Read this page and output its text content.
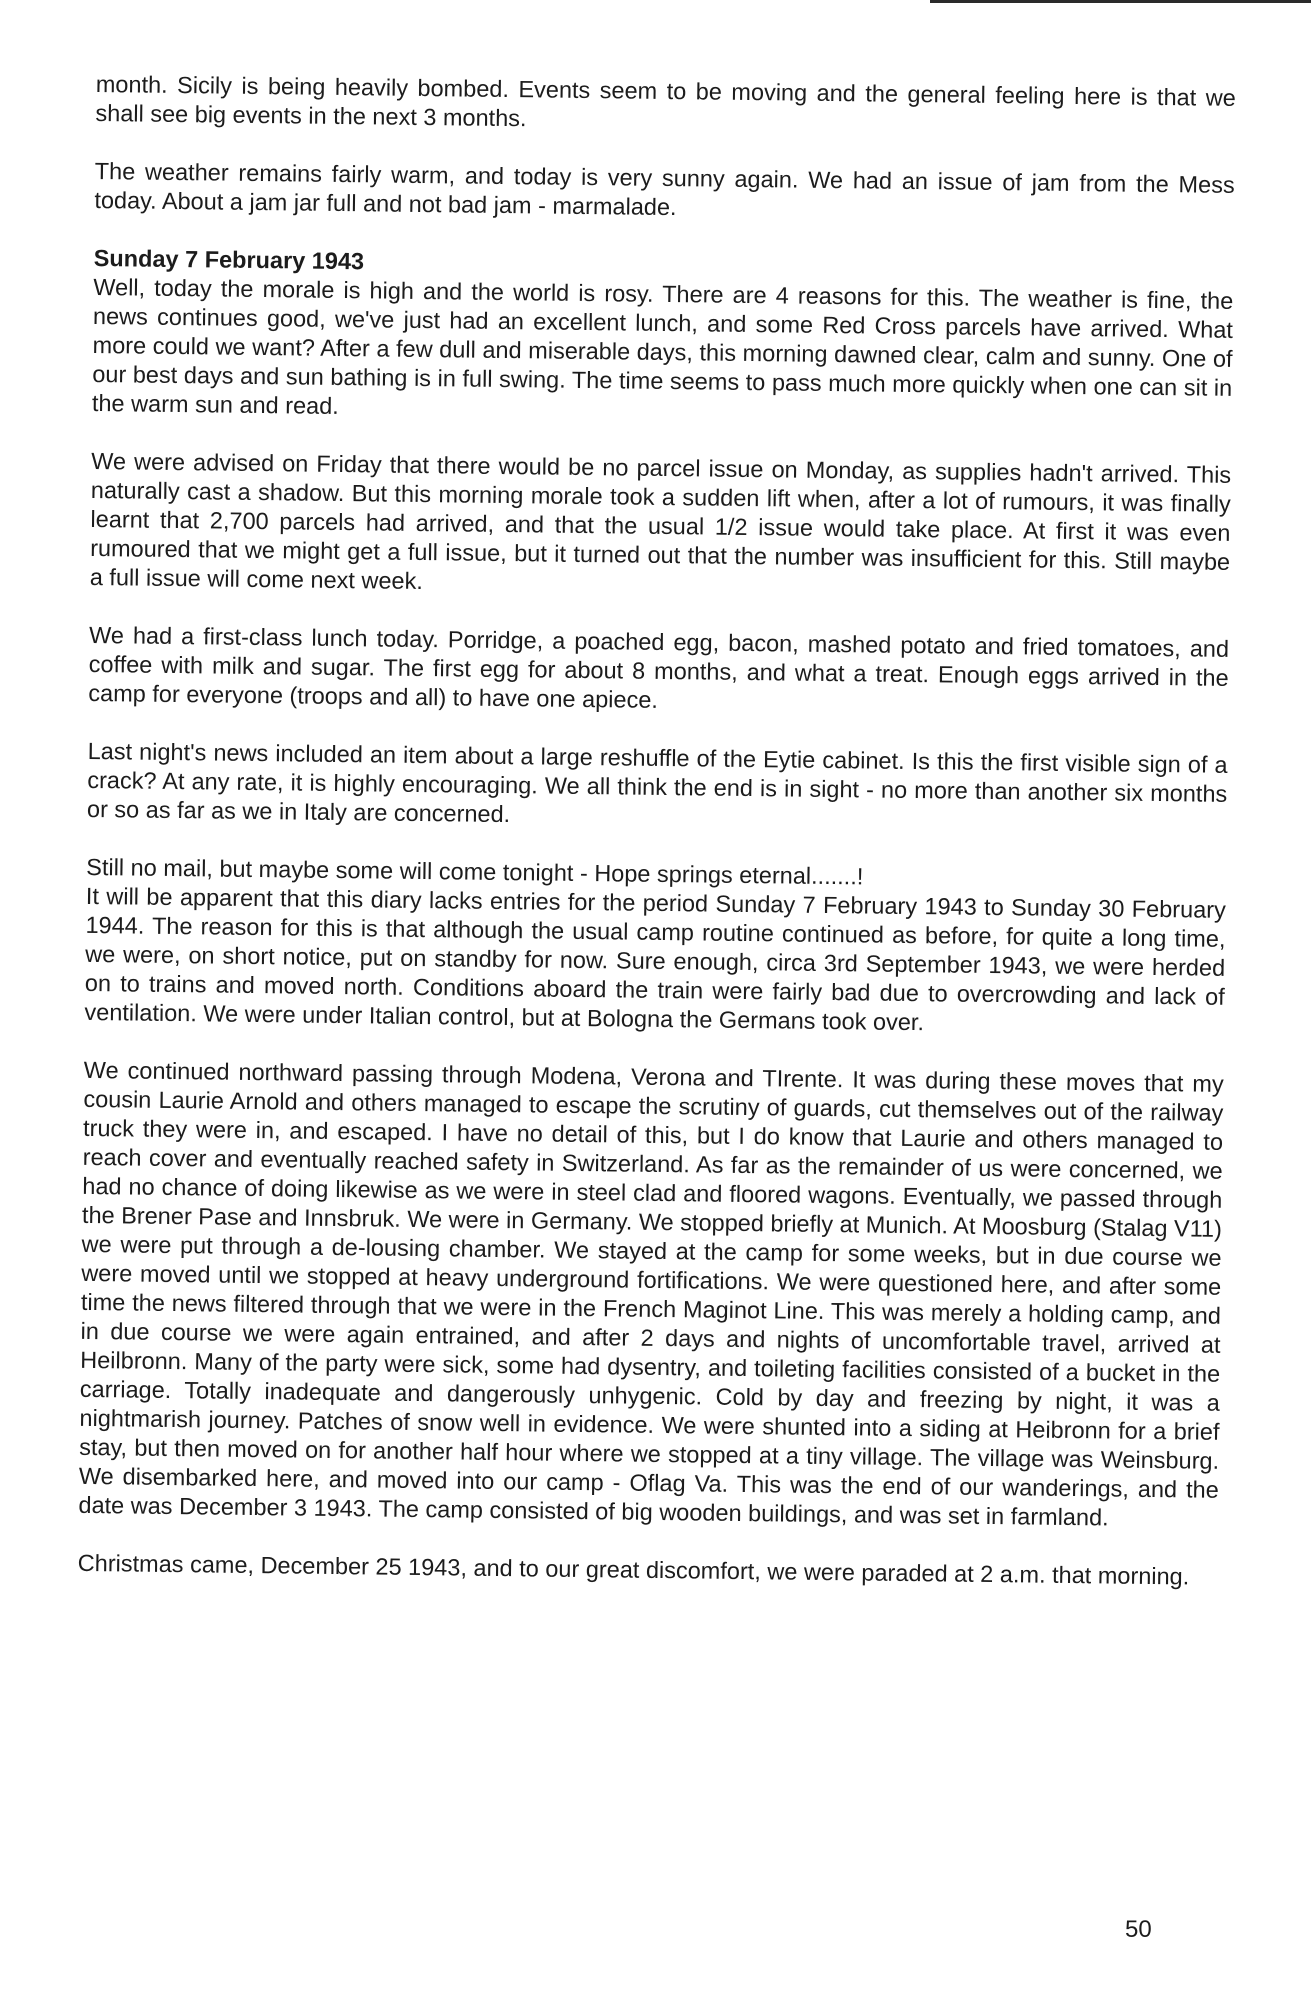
month. Sicily is being heavily bombed. Events seem to be moving and the general feeling here is that we shall see big events in the next 3 months.

The weather remains fairly warm, and today is very sunny again. We had an issue of jam from the Mess today. About a jam jar full and not bad jam - marmalade.

Sunday 7 February 1943

Well, today the morale is high and the world is rosy. There are 4 reasons for this. The weather is fine, the news continues good, we've just had an excellent lunch, and some Red Cross parcels have arrived. What more could we want? After a few dull and miserable days, this morning dawned clear, calm and sunny. One of our best days and sun bathing is in full swing. The time seems to pass much more quickly when one can sit in the warm sun and read.

We were advised on Friday that there would be no parcel issue on Monday, as supplies hadn't arrived. This naturally cast a shadow. But this morning morale took a sudden lift when, after a lot of rumours, it was finally learnt that 2,700 parcels had arrived, and that the usual 1/2 issue would take place. At first it was even rumoured that we might get a full issue, but it turned out that the number was insufficient for this. Still maybe a full issue will come next week.

We had a first-class lunch today. Porridge, a poached egg, bacon, mashed potato and fried tomatoes, and coffee with milk and sugar. The first egg for about 8 months, and what a treat. Enough eggs arrived in the camp for everyone (troops and all) to have one apiece.

Last night's news included an item about a large reshuffle of the Eytie cabinet. Is this the first visible sign of a crack? At any rate, it is highly encouraging. We all think the end is in sight - no more than another six months or so as far as we in Italy are concerned.

Still no mail, but maybe some will come tonight - Hope springs eternal.......!

It will be apparent that this diary lacks entries for the period Sunday 7 February 1943 to Sunday 30 February 1944. The reason for this is that although the usual camp routine continued as before, for quite a long time, we were, on short notice, put on standby for now. Sure enough, circa 3rd September 1943, we were herded on to trains and moved north. Conditions aboard the train were fairly bad due to overcrowding and lack of ventilation. We were under Italian control, but at Bologna the Germans took over.

We continued northward passing through Modena, Verona and TIrente. It was during these moves that my cousin Laurie Arnold and others managed to escape the scrutiny of guards, cut themselves out of the railway truck they were in, and escaped. I have no detail of this, but I do know that Laurie and others managed to reach cover and eventually reached safety in Switzerland. As far as the remainder of us were concerned, we had no chance of doing likewise as we were in steel clad and floored wagons. Eventually, we passed through the Brener Pase and Innsbruk. We were in Germany. We stopped briefly at Munich. At Moosburg (Stalag V11) we were put through a de-lousing chamber. We stayed at the camp for some weeks, but in due course we were moved until we stopped at heavy underground fortifications. We were questioned here, and after some time the news filtered through that we were in the French Maginot Line. This was merely a holding camp, and in due course we were again entrained, and after 2 days and nights of uncomfortable travel, arrived at Heilbronn. Many of the party were sick, some had dysentry, and toileting facilities consisted of a bucket in the carriage. Totally inadequate and dangerously unhygenic. Cold by day and freezing by night, it was a nightmarish journey. Patches of snow well in evidence. We were shunted into a siding at Heibronn for a brief stay, but then moved on for another half hour where we stopped at a tiny village. The village was Weinsburg. We disembarked here, and moved into our camp - Oflag Va. This was the end of our wanderings, and the date was December 3 1943. The camp consisted of big wooden buildings, and was set in farmland.

Christmas came, December 25 1943, and to our great discomfort, we were paraded at 2 a.m. that morning.

50
